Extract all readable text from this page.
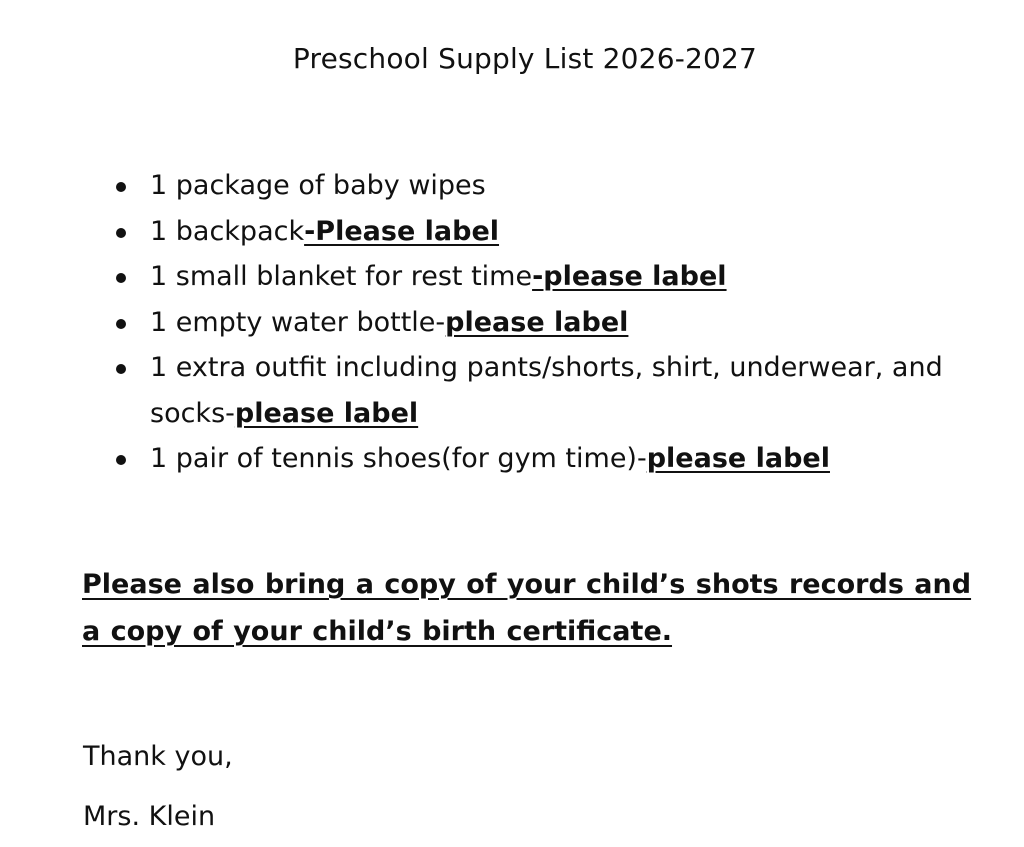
Preschool Supply List 2026-2027
1 package of baby wipes
1 backpack-Please label
1 small blanket for rest time-please label
1 empty water bottle-please label
1 extra outfit including pants/shorts, shirt, underwear, and socks-please label
1 pair of tennis shoes(for gym time)-please label
Please also bring a copy of your child’s shots records and a copy of your child’s birth certificate.
Thank you,
Mrs. Klein
